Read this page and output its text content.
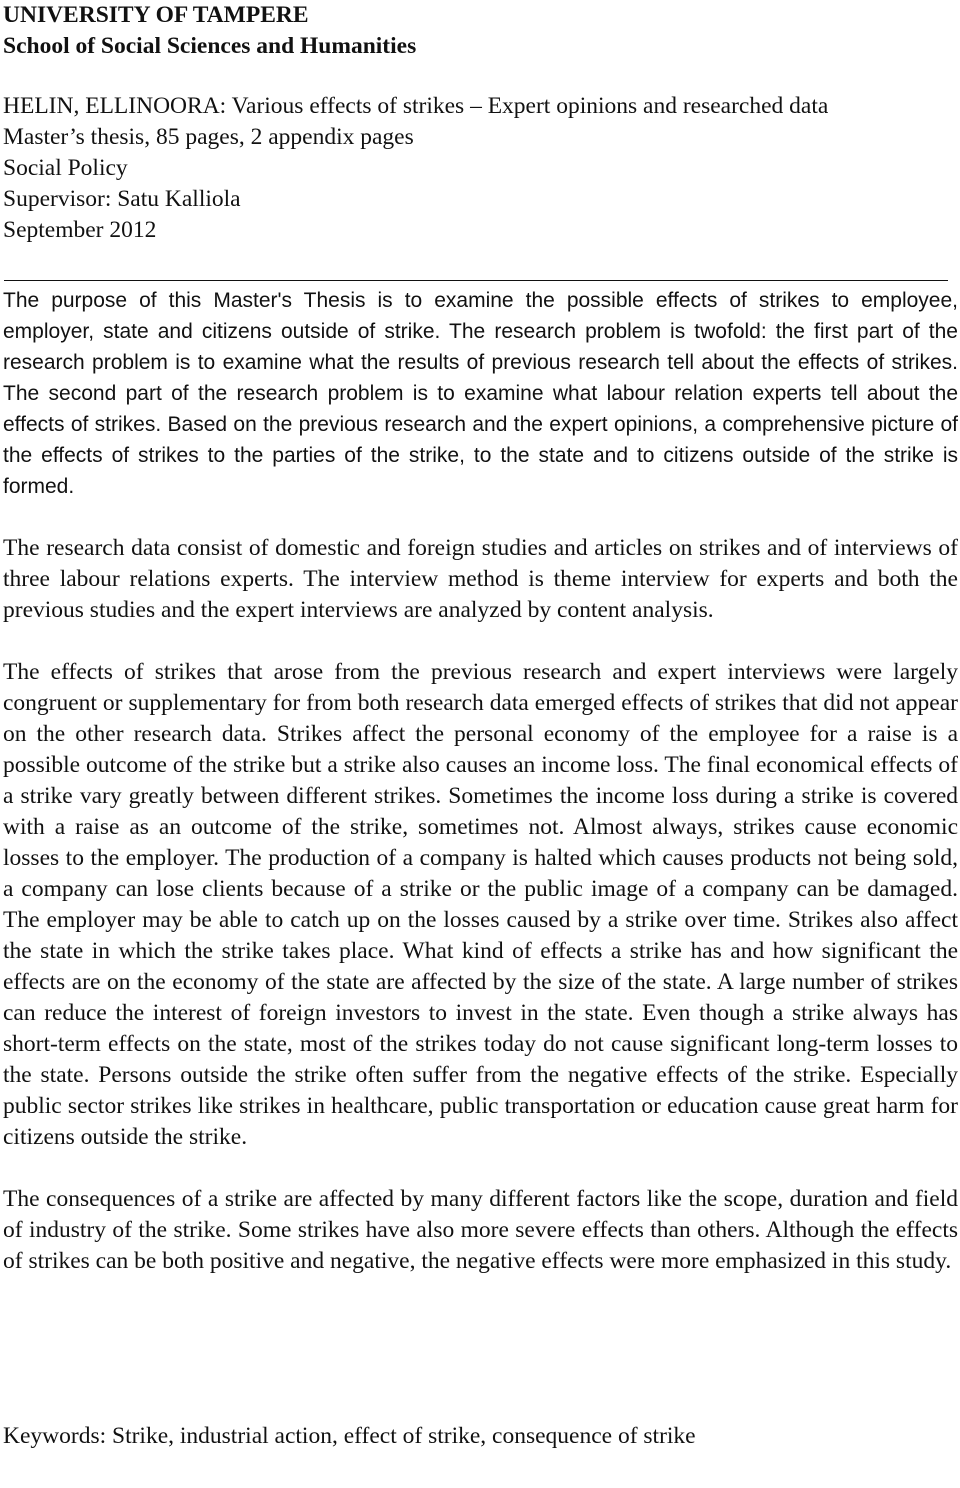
UNIVERSITY OF TAMPERE
School of Social Sciences and Humanities
HELIN, ELLINOORA: Various effects of strikes – Expert opinions and researched data
Master’s thesis, 85 pages, 2 appendix pages
Social Policy
Supervisor: Satu Kalliola
September 2012

The purpose of this Master's Thesis is to examine the possible effects of strikes to employee, employer, state and citizens outside of strike. The research problem is twofold: the first part of the research problem is to examine what the results of previous research tell about the effects of strikes. The second part of the research problem is to examine what labour relation experts tell about the effects of strikes. Based on the previous research and the expert opinions, a comprehensive picture of the effects of strikes to the parties of the strike, to the state and to citizens outside of the strike is formed.

The research data consist of domestic and foreign studies and articles on strikes and of interviews of three labour relations experts. The interview method is theme interview for experts and both the previous studies and the expert interviews are analyzed by content analysis.

The effects of strikes that arose from the previous research and expert interviews were largely congruent or supplementary for from both research data emerged effects of strikes that did not appear on the other research data. Strikes affect the personal economy of the employee for a raise is a possible outcome of the strike but a strike also causes an income loss. The final economical effects of a strike vary greatly between different strikes. Sometimes the income loss during a strike is covered with a raise as an outcome of the strike, sometimes not. Almost always, strikes cause economic losses to the employer. The production of a company is halted which causes products not being sold, a company can lose clients because of a strike or the public image of a company can be damaged. The employer may be able to catch up on the losses caused by a strike over time. Strikes also affect the state in which the strike takes place. What kind of effects a strike has and how significant the effects are on the economy of the state are affected by the size of the state. A large number of strikes can reduce the interest of foreign investors to invest in the state. Even though a strike always has short-term effects on the state, most of the strikes today do not cause significant long-term losses to the state. Persons outside the strike often suffer from the negative effects of the strike. Especially public sector strikes like strikes in healthcare, public transportation or education cause great harm for citizens outside the strike.

The consequences of a strike are affected by many different factors like the scope, duration and field of industry of the strike. Some strikes have also more severe effects than others. Although the effects of strikes can be both positive and negative, the negative effects were more emphasized in this study.

Keywords: Strike, industrial action, effect of strike, consequence of strike
